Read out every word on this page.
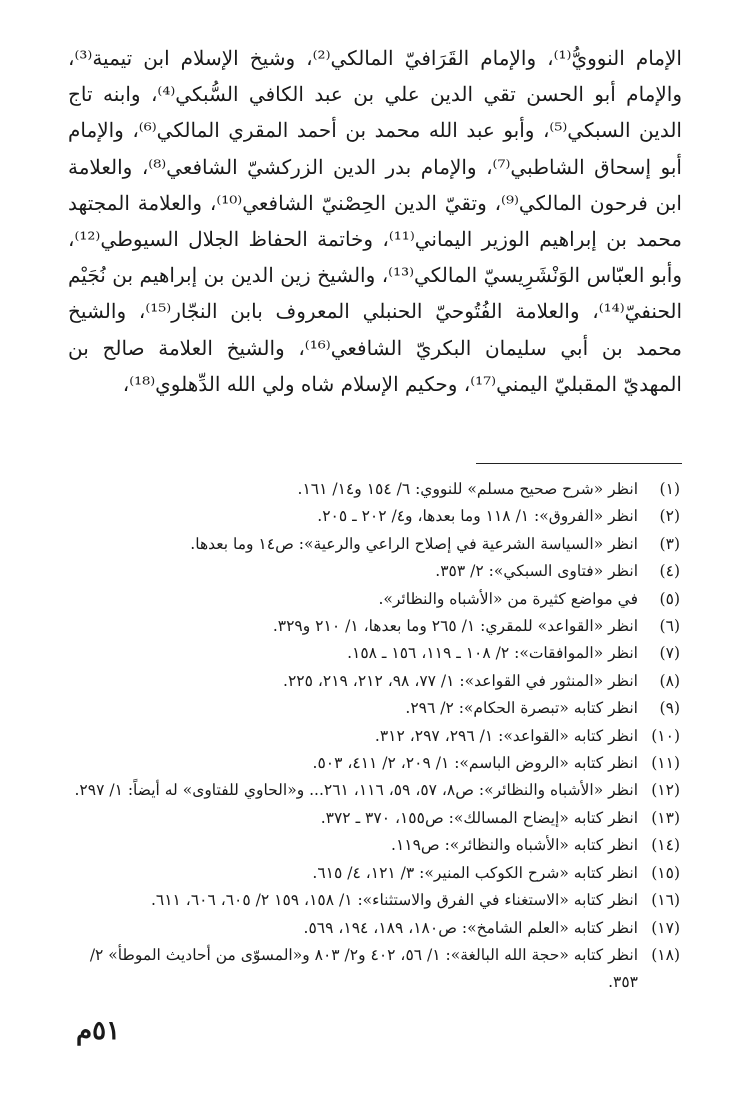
الإمام النوويُّ⁽¹⁾، والإمام القَرَافيّ المالكي⁽²⁾، وشيخ الإسلام ابن تيمية⁽³⁾،
والإمام أبو الحسن تقي الدين علي بن عبد الكافي السُّبكي⁽⁴⁾، وابنه تاج
الدين السبكي⁽⁵⁾، وأبو عبد الله محمد بن أحمد المقري المالكي⁽⁶⁾، والإمام
أبو إسحاق الشاطبي⁽⁷⁾، والإمام بدر الدين الزركشيّ الشافعي⁽⁸⁾، والعلامة
ابن فرحون المالكي⁽⁹⁾، وتقيّ الدين الحِصْنيّ الشافعي⁽¹⁰⁾، والعلامة المجتهد
محمد بن إبراهيم الوزير اليماني⁽¹¹⁾، وخاتمة الحفاظ الجلال السيوطي⁽¹²⁾،
وأبو العبّاس الوَنْشَرِيسيّ المالكي⁽¹³⁾، والشيخ زين الدين بن إبراهيم بن نُجَيْم
الحنفيّ⁽¹⁴⁾، والعلامة الفُتُوحيّ الحنبلي المعروف بابن النجّار⁽¹⁵⁾، والشيخ
محمد بن أبي سليمان البكريّ الشافعي⁽¹⁶⁾، والشيخ العلامة صالح بن
المهديّ المقبليّ اليمني⁽¹⁷⁾، وحكيم الإسلام شاه ولي الله الدِّهلوي⁽¹⁸⁾،
(١)
انظر «شرح صحيح مسلم» للنووي: ٦/ ١٥٤ و١٤/ ١٦١.
(٢)
انظر «الفروق»: ١/ ١١٨ وما بعدها، و٤/ ٢٠٢ ـ ٢٠٥.
(٣)
انظر «السياسة الشرعية في إصلاح الراعي والرعية»: ص١٤ وما بعدها.
(٤)
انظر «فتاوى السبكي»: ٢/ ٣٥٣.
(٥)
في مواضع كثيرة من «الأشباه والنظائر».
(٦)
انظر «القواعد» للمقري: ١/ ٢٦٥ وما بعدها، ١/ ٢١٠ و٣٢٩.
(٧)
انظر «الموافقات»: ٢/ ١٠٨ ـ ١١٩، ١٥٦ ـ ١٥٨.
(٨)
انظر «المنثور في القواعد»: ١/ ٧٧، ٩٨، ٢١٢، ٢١٩، ٢٢٥.
(٩)
انظر كتابه «تبصرة الحكام»: ٢/ ٢٩٦.
(١٠)
انظر كتابه «القواعد»: ١/ ٢٩٦، ٢٩٧، ٣١٢.
(١١)
انظر كتابه «الروض الباسم»: ١/ ٢٠٩، ٢/ ٤١١، ٥٠٣.
(١٢)
انظر «الأشباه والنظائر»: ص٨، ٥٧، ٥٩، ١١٦، ٢٦١... و«الحاوي للفتاوى» له أيضاً: ١/ ٢٩٧.
(١٣)
انظر كتابه «إيضاح المسالك»: ص١٥٥، ٣٧٠ ـ ٣٧٢.
(١٤)
انظر كتابه «الأشباه والنظائر»: ص١١٩.
(١٥)
انظر كتابه «شرح الكوكب المنير»: ٣/ ١٢١، ٤/ ٦١٥.
(١٦)
انظر كتابه «الاستغناء في الفرق والاستثناء»: ١/ ١٥٨، ١٥٩ ٢/ ٦٠٥، ٦٠٦، ٦١١.
(١٧)
انظر كتابه «العلم الشامخ»: ص١٨٠، ١٨٩، ١٩٤، ٥٦٩.
(١٨)
انظر كتابه «حجة الله البالغة»: ١/ ٥٦، ٤٠٢ و٢/ ٨٠٣ و«المسوّى من أحاديث الموطأ» ٢/ ٣٥٣.
٥١م
